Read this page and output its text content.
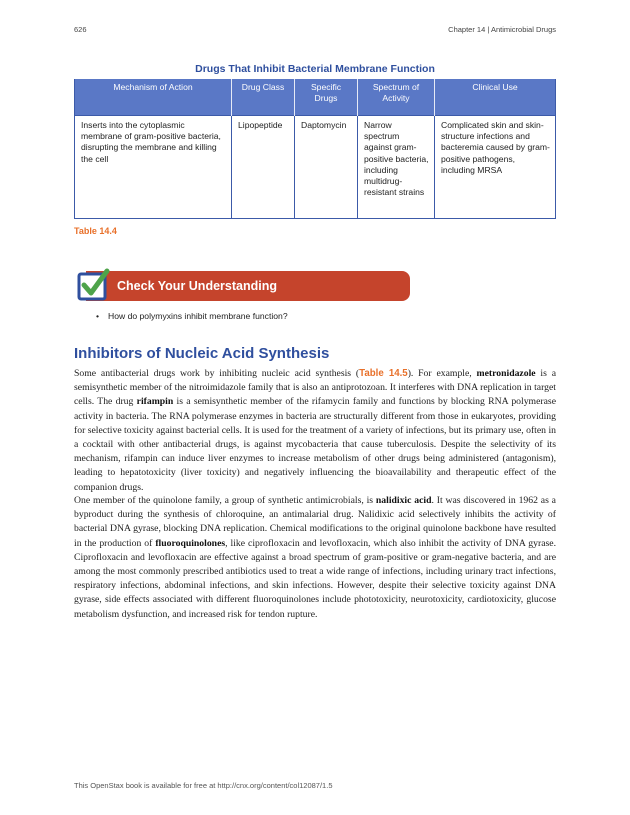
626	Chapter 14 | Antimicrobial Drugs
Drugs That Inhibit Bacterial Membrane Function
Mechanism of Action	Drug Class	Specific Drugs	Spectrum of Activity	Clinical Use
Inserts into the cytoplasmic membrane of gram-positive bacteria, disrupting the membrane and killing the cell	Lipopeptide	Daptomycin	Narrow spectrum against gram-positive bacteria, including multidrug-resistant strains	Complicated skin and skin-structure infections and bacteremia caused by gram-positive pathogens, including MRSA
Table 14.4
Check Your Understanding
• How do polymyxins inhibit membrane function?
Inhibitors of Nucleic Acid Synthesis

Some antibacterial drugs work by inhibiting nucleic acid synthesis (Table 14.5). For example, metronidazole is a semisynthetic member of the nitroimidazole family that is also an antiprotozoan. It interferes with DNA replication in target cells. The drug rifampin is a semisynthetic member of the rifamycin family and functions by blocking RNA polymerase activity in bacteria. The RNA polymerase enzymes in bacteria are structurally different from those in eukaryotes, providing for selective toxicity against bacterial cells. It is used for the treatment of a variety of infections, but its primary use, often in a cocktail with other antibacterial drugs, is against mycobacteria that cause tuberculosis. Despite the selectivity of its mechanism, rifampin can induce liver enzymes to increase metabolism of other drugs being administered (antagonism), leading to hepatotoxicity (liver toxicity) and negatively influencing the bioavailability and therapeutic effect of the companion drugs.

One member of the quinolone family, a group of synthetic antimicrobials, is nalidixic acid. It was discovered in 1962 as a byproduct during the synthesis of chloroquine, an antimalarial drug. Nalidixic acid selectively inhibits the activity of bacterial DNA gyrase, blocking DNA replication. Chemical modifications to the original quinolone backbone have resulted in the production of fluoroquinolones, like ciprofloxacin and levofloxacin, which also inhibit the activity of DNA gyrase. Ciprofloxacin and levofloxacin are effective against a broad spectrum of gram-positive or gram-negative bacteria, and are among the most commonly prescribed antibiotics used to treat a wide range of infections, including urinary tract infections, respiratory infections, abdominal infections, and skin infections. However, despite their selective toxicity against DNA gyrase, side effects associated with different fluoroquinolones include phototoxicity, neurotoxicity, cardiotoxicity, glucose metabolism dysfunction, and increased risk for tendon rupture.

This OpenStax book is available for free at http://cnx.org/content/col12087/1.5
